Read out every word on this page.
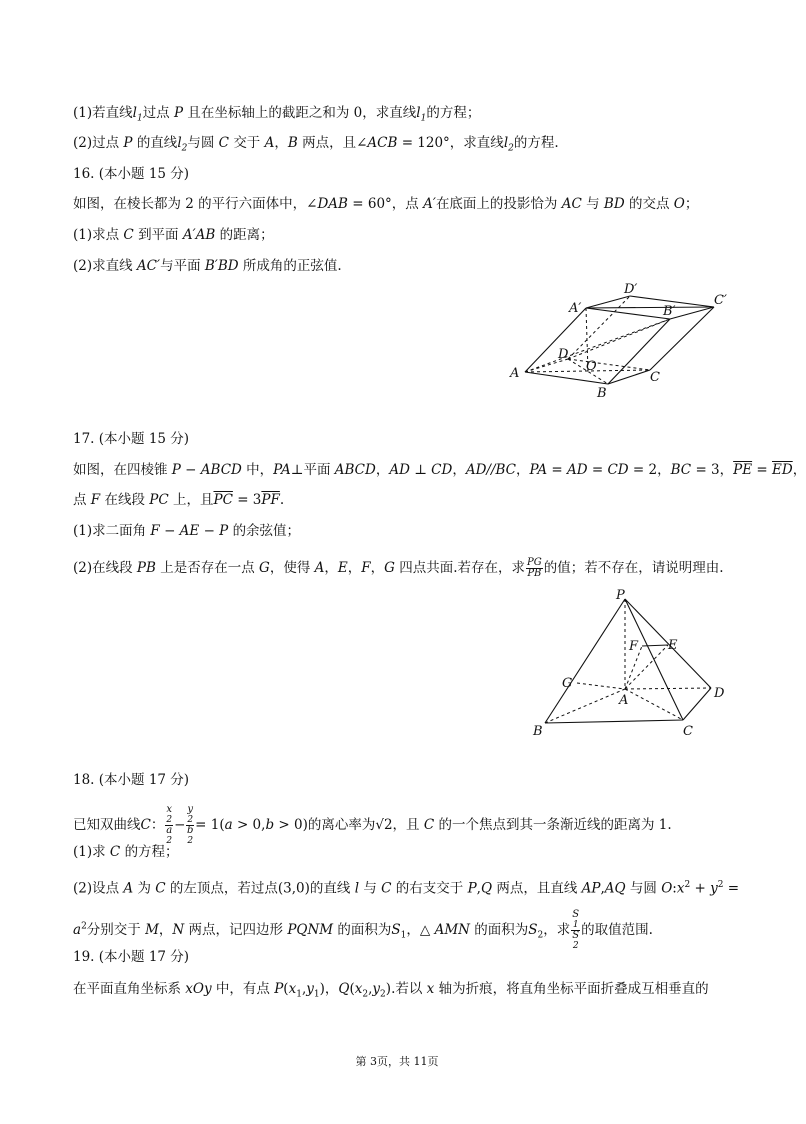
(1)若直线$l_1$过点 P 且在坐标轴上的截距之和为 0，求直线$l_1$的方程；
(2)过点 P 的直线$l_2$与圆 C 交于 A，B 两点，且∠ACB = 120°，求直线$l_2$的方程.
16. (本小题 15 分)
如图，在棱长都为 2 的平行六面体中，∠DAB = 60°，点 A′在底面上的投影恰为 AC 与 BD 的交点 O；
(1)求点 C 到平面 A′AB 的距离；
(2)求直线 AC′与平面 B′BD 所成角的正弦值.
A′
D′
B′
C′
D
O
A
B
C
17. (本小题 15 分)
如图，在四棱锥 P − ABCD 中，PA⊥平面 ABCD，AD ⊥ CD，AD//BC，PA = AD = CD = 2，BC = 3，$\overline{PE} = \overline{ED}$，
点 F 在线段 PC 上，且$\overline{PC} = 3\overline{PF}$.
(1)求二面角 F − AE − P 的余弦值；
(2)在线段 PB 上是否存在一点 G，使得 A，E，F，G 四点共面.若存在，求 $\frac{PG}{PB}$ 的值；若不存在，请说明理由.
P
F E
G
A	D
B	C
18. (本小题 17 分)
已知双曲线C： x
2
a
2 − y
2
b
2 = 1(a > 0,b > 0)的离心率为√2，且 C 的一个焦点到其一条渐近线的距离为 1.
(1)求 C 的方程；
(2)设点 A 为 C 的左顶点，若过点(3,0)的直线 l 与 C 的右支交于 P,Q 两点，且直线 AP,AQ 与圆 $O:x^2 + y^2$ =
$a^2$分别交于 M，N 两点，记四边形 PQNM 的面积为$S_1$，△ AMN 的面积为$S_2$，求 S
1
S
2 的取值范围.
19. (本小题 17 分)
在平面直角坐标系 xOy 中，有点 $P(x_1,y_1)$，$Q(x_2,y_2)$.若以 x 轴为折痕，将直角坐标平面折叠成互相垂直的
第 3页，共 11页
